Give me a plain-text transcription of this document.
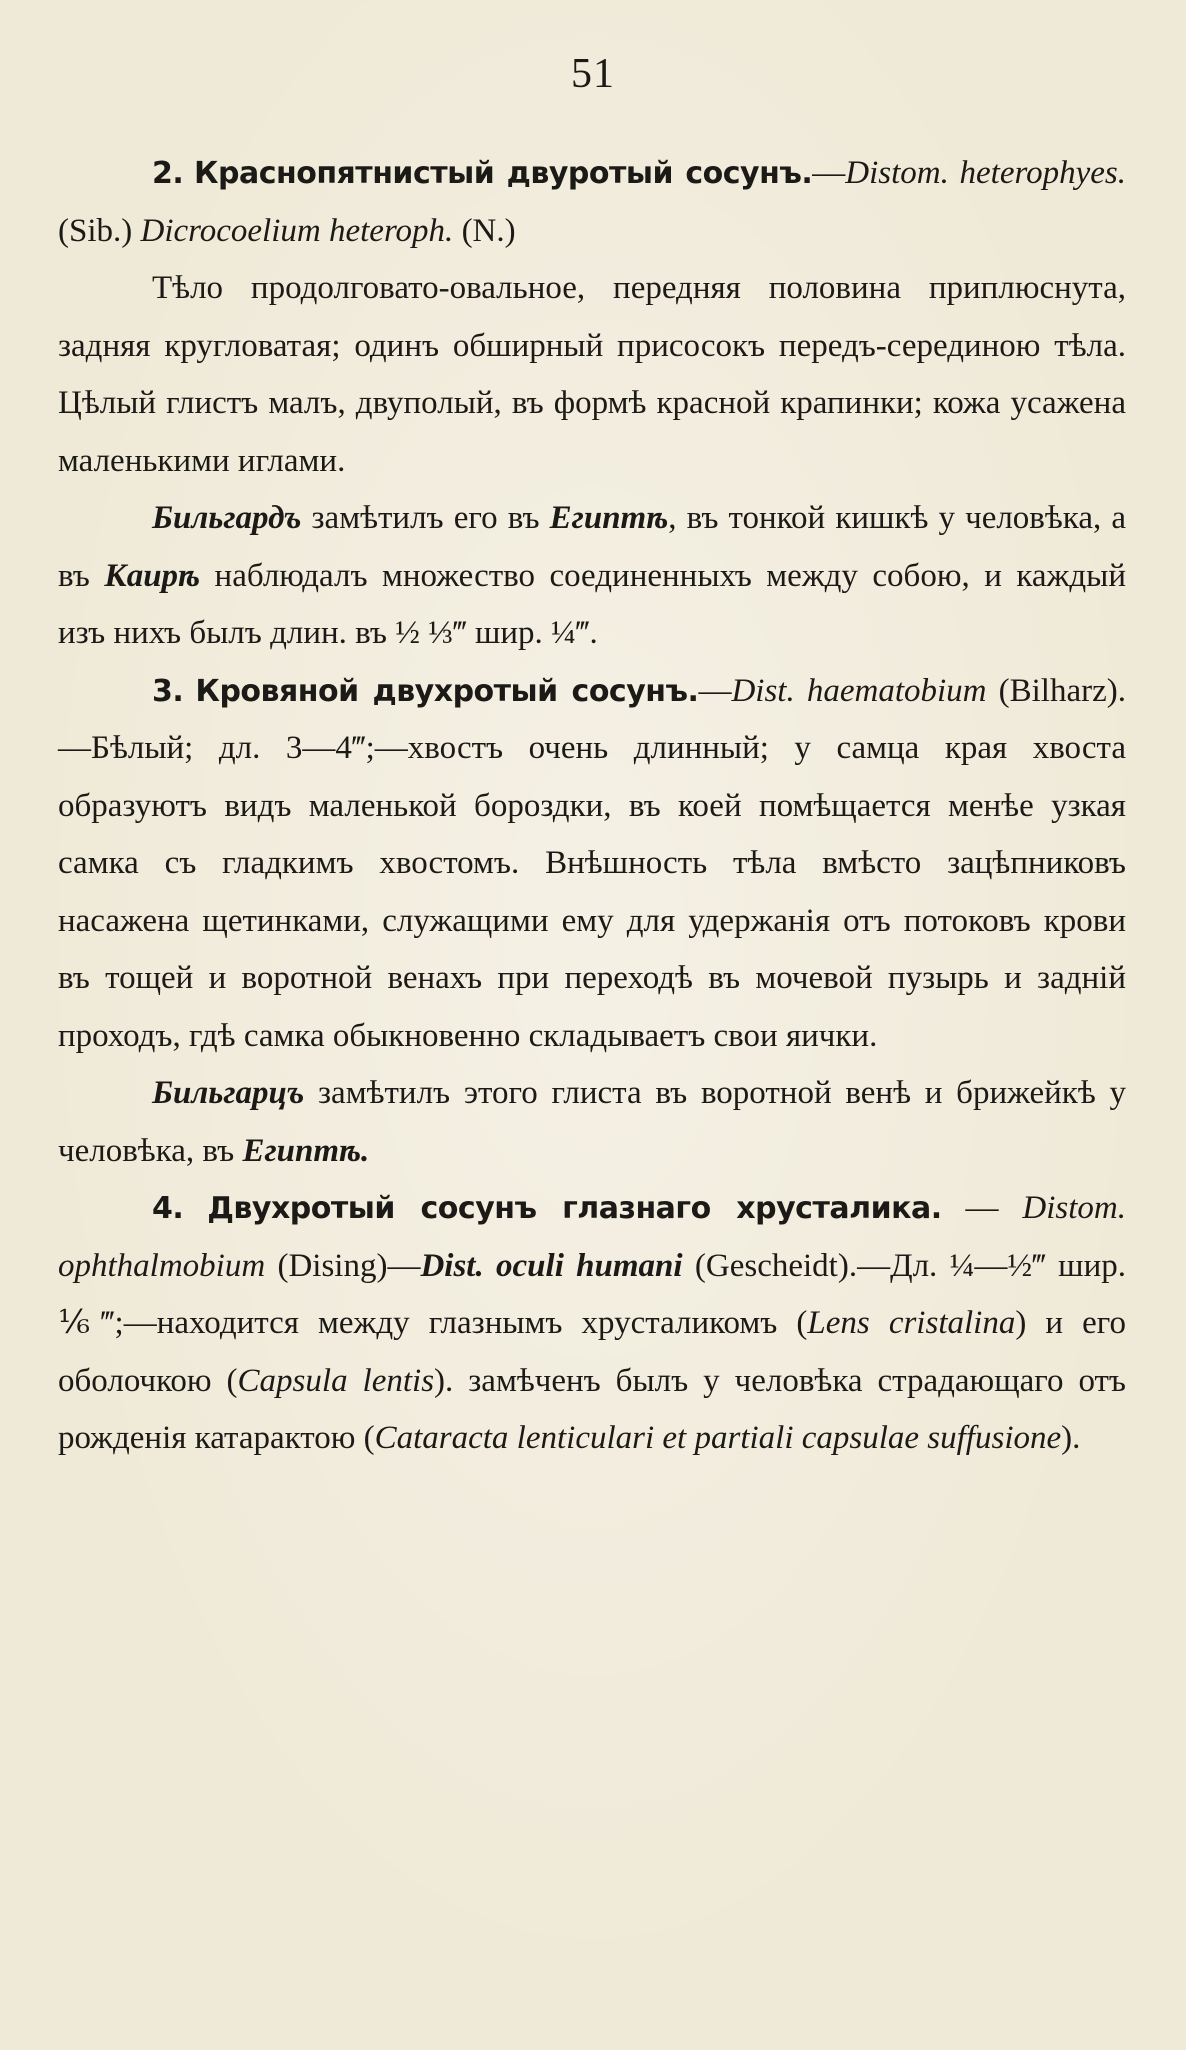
51

2. Краснопятнистый двуротый сосунъ.—Distom. heterophyes. (Sib.) Dicrocoelium heteroph. (N.)

Тѣло продолговато-овальное, передняя половина приплюснута, задняя кругловатая; одинъ обширный присосокъ передъ-серединою тѣла. Цѣлый глистъ малъ, двуполый, въ формѣ красной крапинки; кожа усажена маленькими иглами.

Бильгардъ замѣтилъ его въ Египтѣ, въ тонкой кишкѣ у человѣка, а въ Каирѣ наблюдалъ множество соединенныхъ между собою, и каждый изъ нихъ былъ длин. въ ½ ⅓‴ шир. ¼‴.

3. Кровяной двухротый сосунъ.—Dist. haematobium (Bilharz).—Бѣлый; дл. 3—4‴;—хвостъ очень длинный; у самца края хвоста образуютъ видъ маленькой бороздки, въ коей помѣщается менѣе узкая самка съ гладкимъ хвостомъ. Внѣшность тѣла вмѣсто зацѣпниковъ насажена щетинками, служащими ему для удержанія отъ потоковъ крови въ тощей и воротной венахъ при переходѣ въ мочевой пузырь и заднiй проходъ, гдѣ самка обыкновенно складываетъ свои яички.

Бильгарцъ замѣтилъ этого глиста въ воротной венѣ и брижейкѣ у человѣка, въ Египтѣ.

4. Двухротый сосунъ глазнаго хрусталика. — Distom. ophthalmobium (Dising)—Dist. oculi humani (Gescheidt).—Дл. ¼—½‴ шир. ⅙‴;—находится между глазнымъ хрусталикомъ (Lens cristalina) и его оболочкою (Capsula lentis). замѣченъ былъ у человѣка страдающаго отъ рожденія катарактою (Cataracta lenticulari et partiali capsulae suffusione).
